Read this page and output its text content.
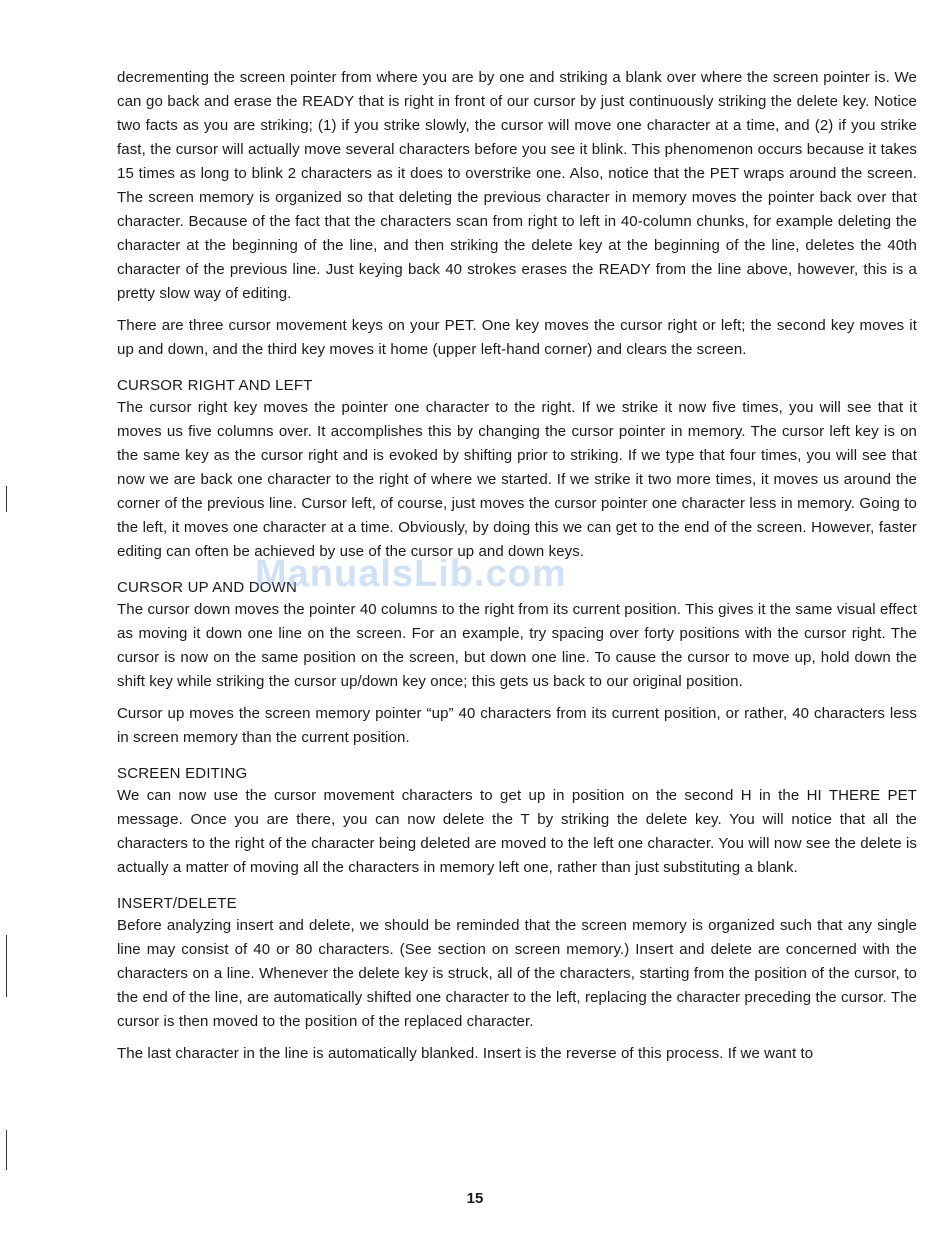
decrementing the screen pointer from where you are by one and striking a blank over where the screen pointer is. We can go back and erase the READY that is right in front of our cursor by just continuously striking the delete key. Notice two facts as you are striking; (1) if you strike slowly, the cursor will move one character at a time, and (2) if you strike fast, the cursor will actually move several characters before you see it blink. This phenomenon occurs because it takes 15 times as long to blink 2 characters as it does to overstrike one. Also, notice that the PET wraps around the screen. The screen memory is organized so that deleting the previous character in memory moves the pointer back over that character. Because of the fact that the characters scan from right to left in 40-column chunks, for example deleting the character at the beginning of the line, and then striking the delete key at the beginning of the line, deletes the 40th character of the previous line. Just keying back 40 strokes erases the READY from the line above, however, this is a pretty slow way of editing.

There are three cursor movement keys on your PET. One key moves the cursor right or left; the second key moves it up and down, and the third key moves it home (upper left-hand corner) and clears the screen.

CURSOR RIGHT AND LEFT

The cursor right key moves the pointer one character to the right. If we strike it now five times, you will see that it moves us five columns over. It accomplishes this by changing the cursor pointer in memory. The cursor left key is on the same key as the cursor right and is evoked by shifting prior to striking. If we type that four times, you will see that now we are back one character to the right of where we started. If we strike it two more times, it moves us around the corner of the previous line. Cursor left, of course, just moves the cursor pointer one character less in memory. Going to the left, it moves one character at a time. Obviously, by doing this we can get to the end of the screen. However, faster editing can often be achieved by use of the cursor up and down keys.

CURSOR UP AND DOWN

The cursor down moves the pointer 40 columns to the right from its current position. This gives it the same visual effect as moving it down one line on the screen. For an example, try spacing over forty positions with the cursor right. The cursor is now on the same position on the screen, but down one line. To cause the cursor to move up, hold down the shift key while striking the cursor up/down key once; this gets us back to our original position.

Cursor up moves the screen memory pointer “up” 40 characters from its current position, or rather, 40 characters less in screen memory than the current position.

SCREEN EDITING

We can now use the cursor movement characters to get up in position on the second H in the HI THERE PET message. Once you are there, you can now delete the T by striking the delete key. You will notice that all the characters to the right of the character being deleted are moved to the left one character. You will now see the delete is actually a matter of moving all the characters in memory left one, rather than just substituting a blank.

INSERT/DELETE

Before analyzing insert and delete, we should be reminded that the screen memory is organized such that any single line may consist of 40 or 80 characters. (See section on screen memory.) Insert and delete are concerned with the characters on a line. Whenever the delete key is struck, all of the characters, starting from the position of the cursor, to the end of the line, are automatically shifted one character to the left, replacing the character preceding the cursor. The cursor is then moved to the position of the replaced character.

The last character in the line is automatically blanked. Insert is the reverse of this process. If we want to

ManualsLib.com
15
